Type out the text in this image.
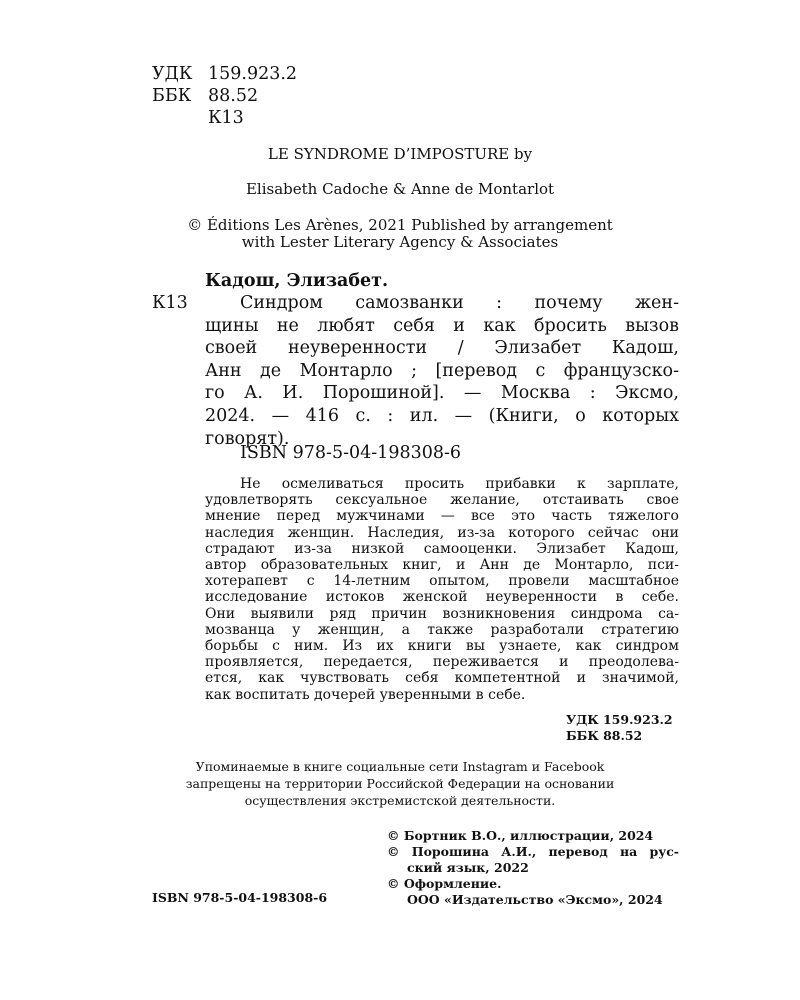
УДК 159.923.2
ББК 88.52
К13
LE SYNDROME D’IMPOSTURE by
Elisabeth Cadoche & Anne de Montarlot
© Éditions Les Arènes, 2021 Published by arrangement
with Lester Literary Agency & Associates
Кадош, Элизабет.
К13	Синдром самозванки : почему жен-
щины не любят себя и как бросить вызов
своей неуверенности / Элизабет Кадош,
Анн де Монтарло ; [перевод с французско-
го А. И. Порошиной]. — Москва : Эксмо,
2024. — 416 с. : ил. — (Книги, о которых
говорят).
ISBN 978-5-04-198308-6
Не осмеливаться просить прибавки к зарплате,
удовлетворять сексуальное желание, отстаивать свое
мнение перед мужчинами — все это часть тяжелого
наследия женщин. Наследия, из-за которого сейчас они
страдают из-за низкой самооценки. Элизабет Кадош,
автор образовательных книг, и Анн де Монтарло, пси-
хотерапевт с 14-летним опытом, провели масштабное
исследование истоков женской неуверенности в себе.
Они выявили ряд причин возникновения синдрома са-
мозванца у женщин, а также разработали стратегию
борьбы с ним. Из их книги вы узнаете, как синдром
проявляется, передается, переживается и преодолева-
ется, как чувствовать себя компетентной и значимой,
как воспитать дочерей уверенными в себе.
УДК 159.923.2
ББК 88.52
Упоминаемые в книге социальные сети Instagram и Facebook
запрещены на территории Российской Федерации на основании
осуществления экстремистской деятельности.
© Бортник В.О., иллюстрации, 2024
© Порошина А.И., перевод на рус-
ский язык, 2022
© Оформление.
ООО «Издательство «Эксмо», 2024
ISBN 978-5-04-198308-6
